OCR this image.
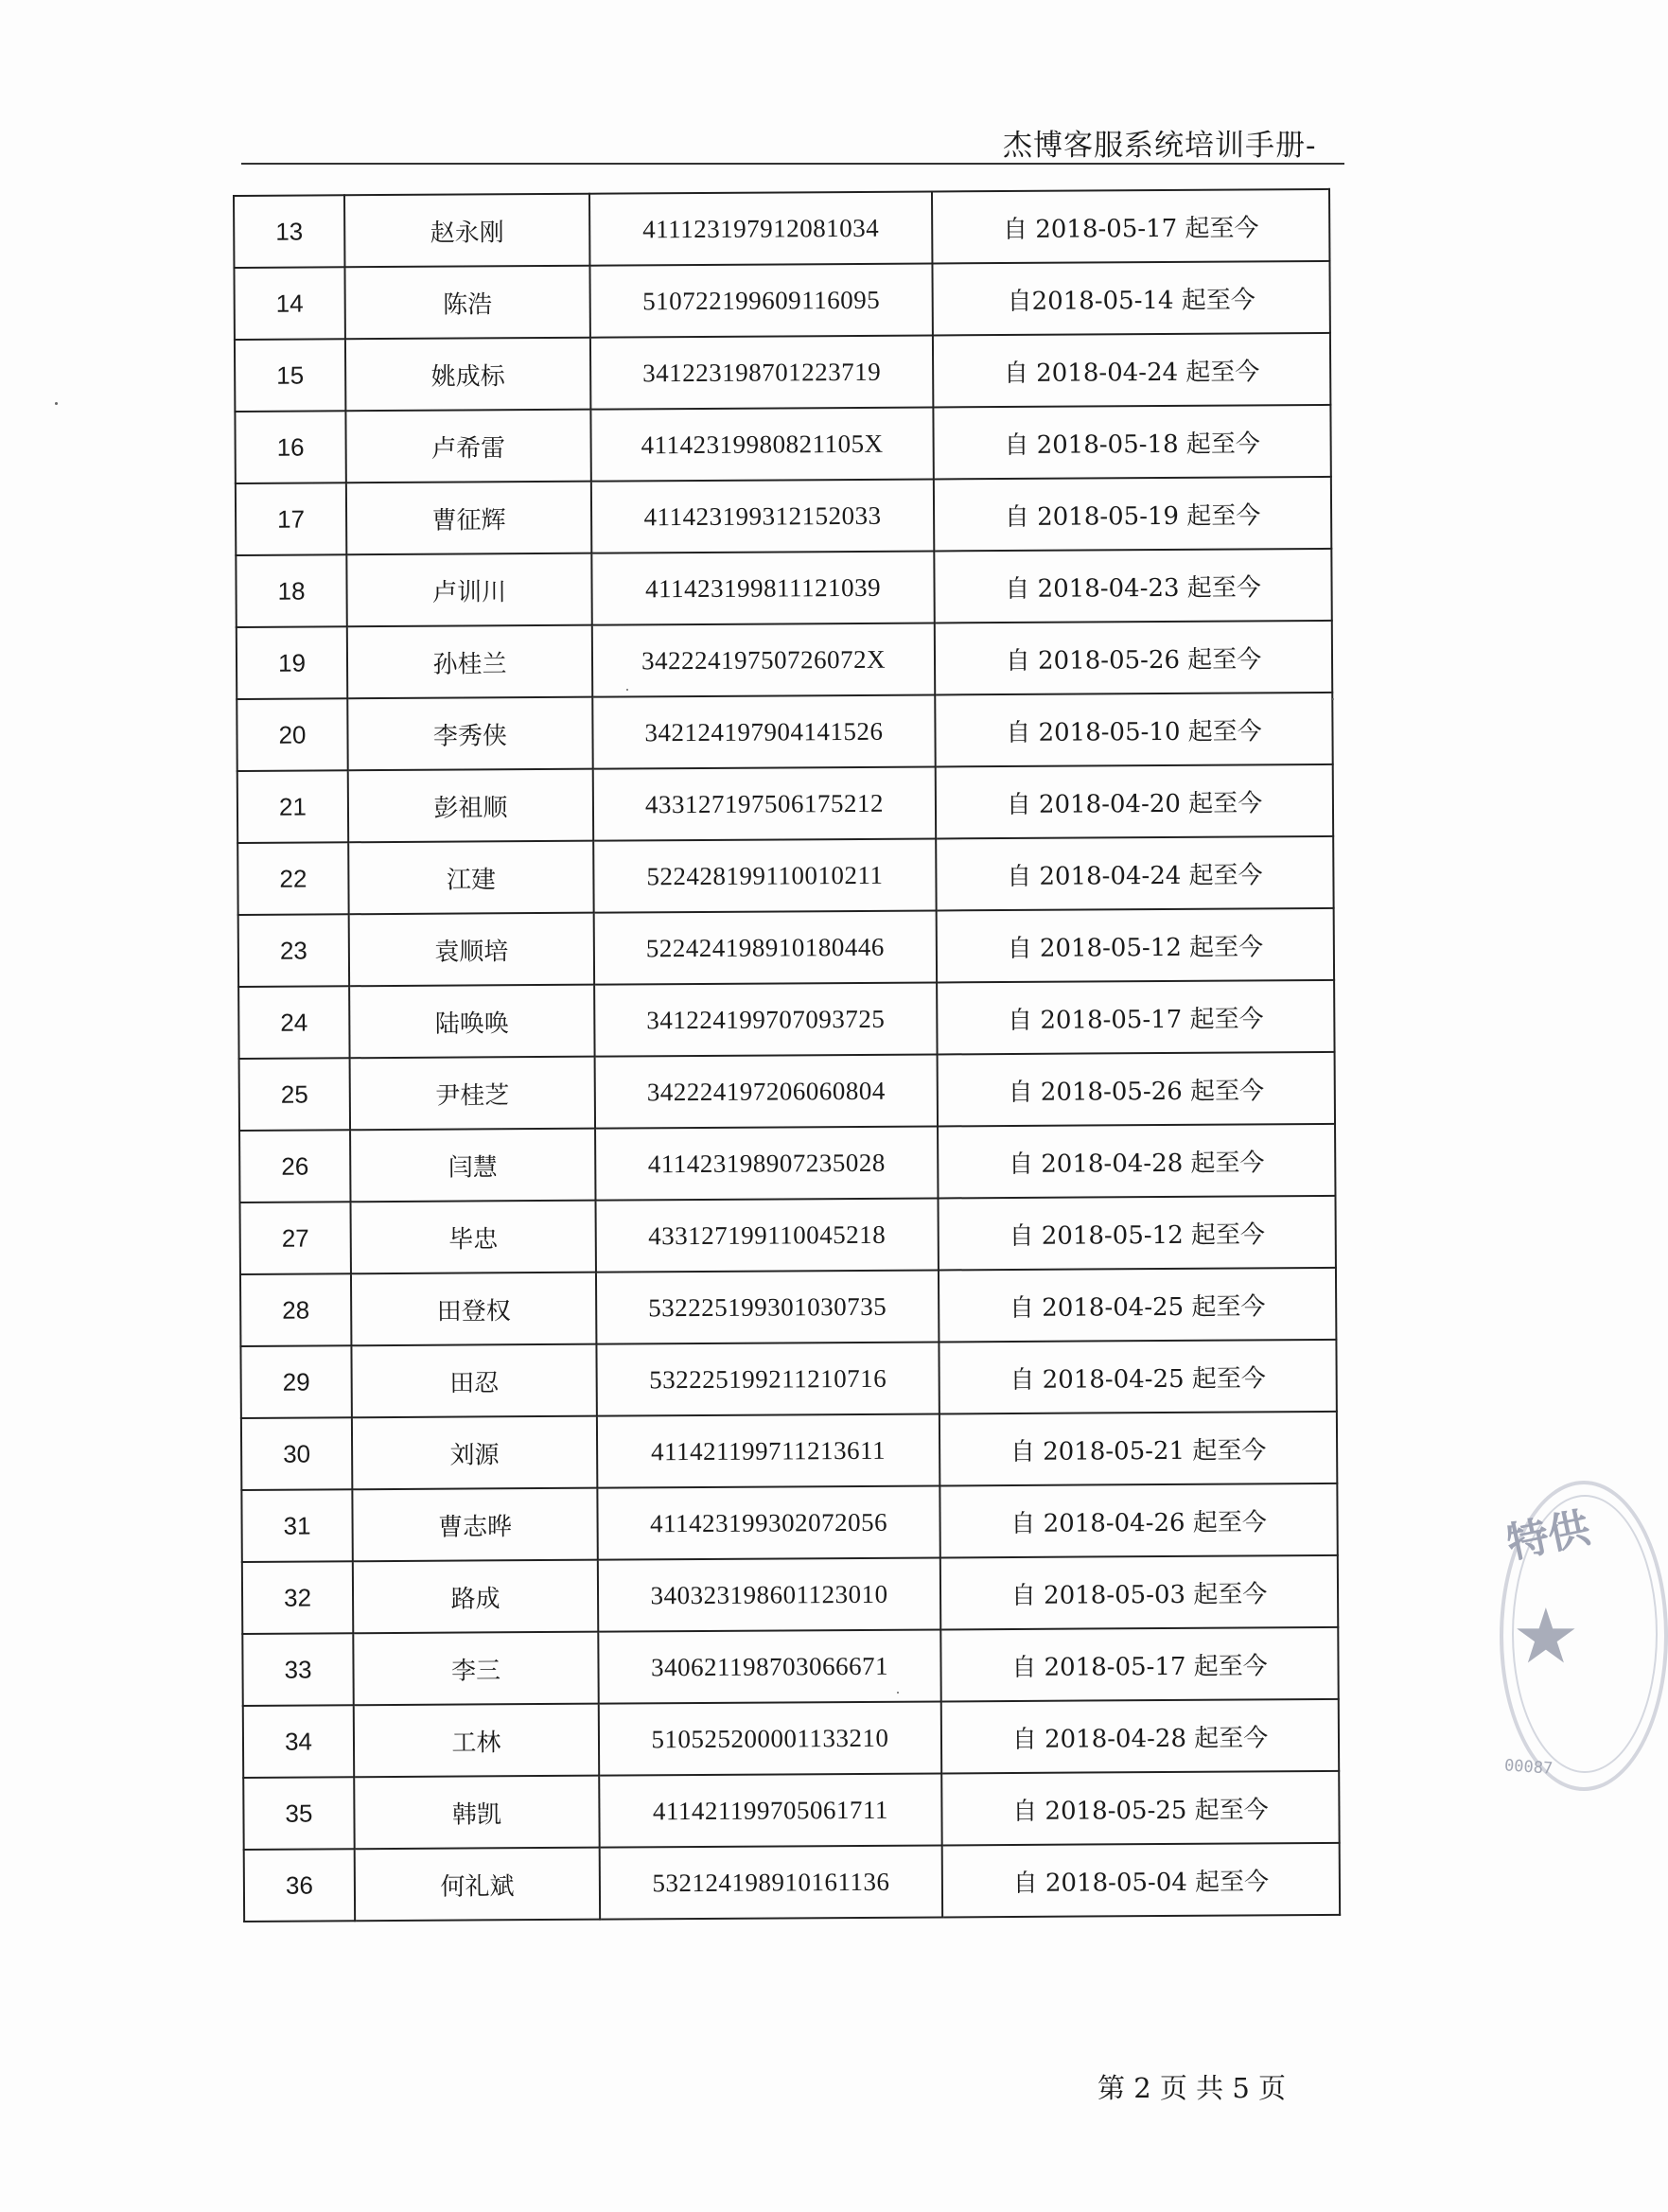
杰博客服系统培训手册-
13	赵永刚	411123197912081034	自 2018-05-17 起至今
14	陈浩	510722199609116095	自2018-05-14 起至今
15	姚成标	341223198701223719	自 2018-04-24 起至今
16	卢希雷	41142319980821105X	自 2018-05-18 起至今
17	曹征辉	411423199312152033	自 2018-05-19 起至今
18	卢训川	411423199811121039	自 2018-04-23 起至今
19	孙桂兰	34222419750726072X	自 2018-05-26 起至今
20	李秀侠	342124197904141526	自 2018-05-10 起至今
21	彭祖顺	433127197506175212	自 2018-04-20 起至今
22	江建	522428199110010211	自 2018-04-24 起至今
23	袁顺培	522424198910180446	自 2018-05-12 起至今
24	陆唤唤	341224199707093725	自 2018-05-17 起至今
25	尹桂芝	342224197206060804	自 2018-05-26 起至今
26	闫慧	411423198907235028	自 2018-04-28 起至今
27	毕忠	433127199110045218	自 2018-05-12 起至今
28	田登权	532225199301030735	自 2018-04-25 起至今
29	田忍	532225199211210716	自 2018-04-25 起至今
30	刘源	411421199711213611	自 2018-05-21 起至今
31	曹志晔	411423199302072056	自 2018-04-26 起至今
32	路成	340323198601123010	自 2018-05-03 起至今
33	李三	340621198703066671	自 2018-05-17 起至今
34	工林	510525200001133210	自 2018-04-28 起至今
35	韩凯	411421199705061711	自 2018-05-25 起至今
36	何礼斌	532124198910161136	自 2018-05-04 起至今
第 2 页 共 5 页
特供
★
00087
